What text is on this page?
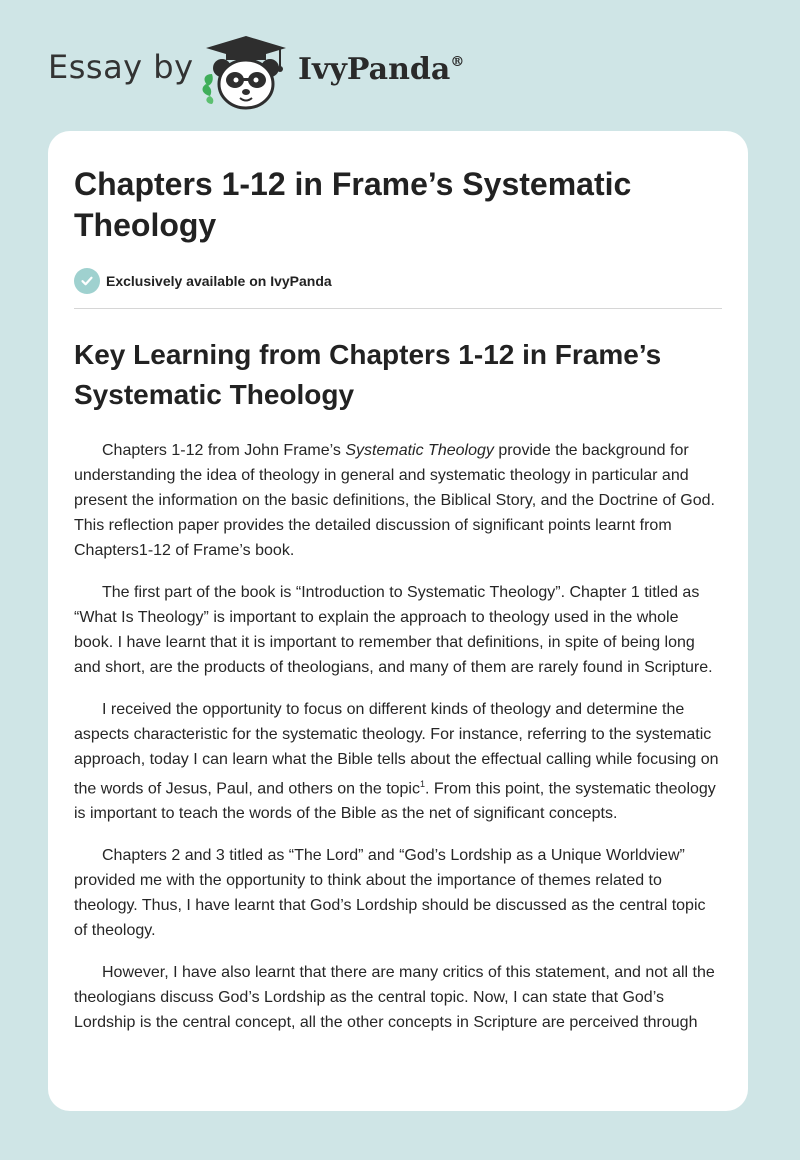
Essay by	IvyPanda®
Chapters 1-12 in Frame’s Systematic Theology
Exclusively available on IvyPanda
Key Learning from Chapters 1-12 in Frame’s Systematic Theology

Chapters 1-12 from John Frame’s Systematic Theology provide the background for understanding the idea of theology in general and systematic theology in particular and present the information on the basic definitions, the Biblical Story, and the Doctrine of God. This reflection paper provides the detailed discussion of significant points learnt from Chapters1-12 of Frame’s book.

The first part of the book is “Introduction to Systematic Theology”. Chapter 1 titled as “What Is Theology” is important to explain the approach to theology used in the whole book. I have learnt that it is important to remember that definitions, in spite of being long and short, are the products of theologians, and many of them are rarely found in Scripture.

I received the opportunity to focus on different kinds of theology and determine the aspects characteristic for the systematic theology. For instance, referring to the systematic approach, today I can learn what the Bible tells about the effectual calling while focusing on the words of Jesus, Paul, and others on the topic$^1$. From this point, the systematic theology is important to teach the words of the Bible as the net of significant concepts.

Chapters 2 and 3 titled as “The Lord” and “God’s Lordship as a Unique Worldview” provided me with the opportunity to think about the importance of themes related to theology. Thus, I have learnt that God’s Lordship should be discussed as the central topic of theology.

However, I have also learnt that there are many critics of this statement, and not all the theologians discuss God’s Lordship as the central topic. Now, I can state that God’s Lordship is the central concept, all the other concepts in Scripture are perceived through
